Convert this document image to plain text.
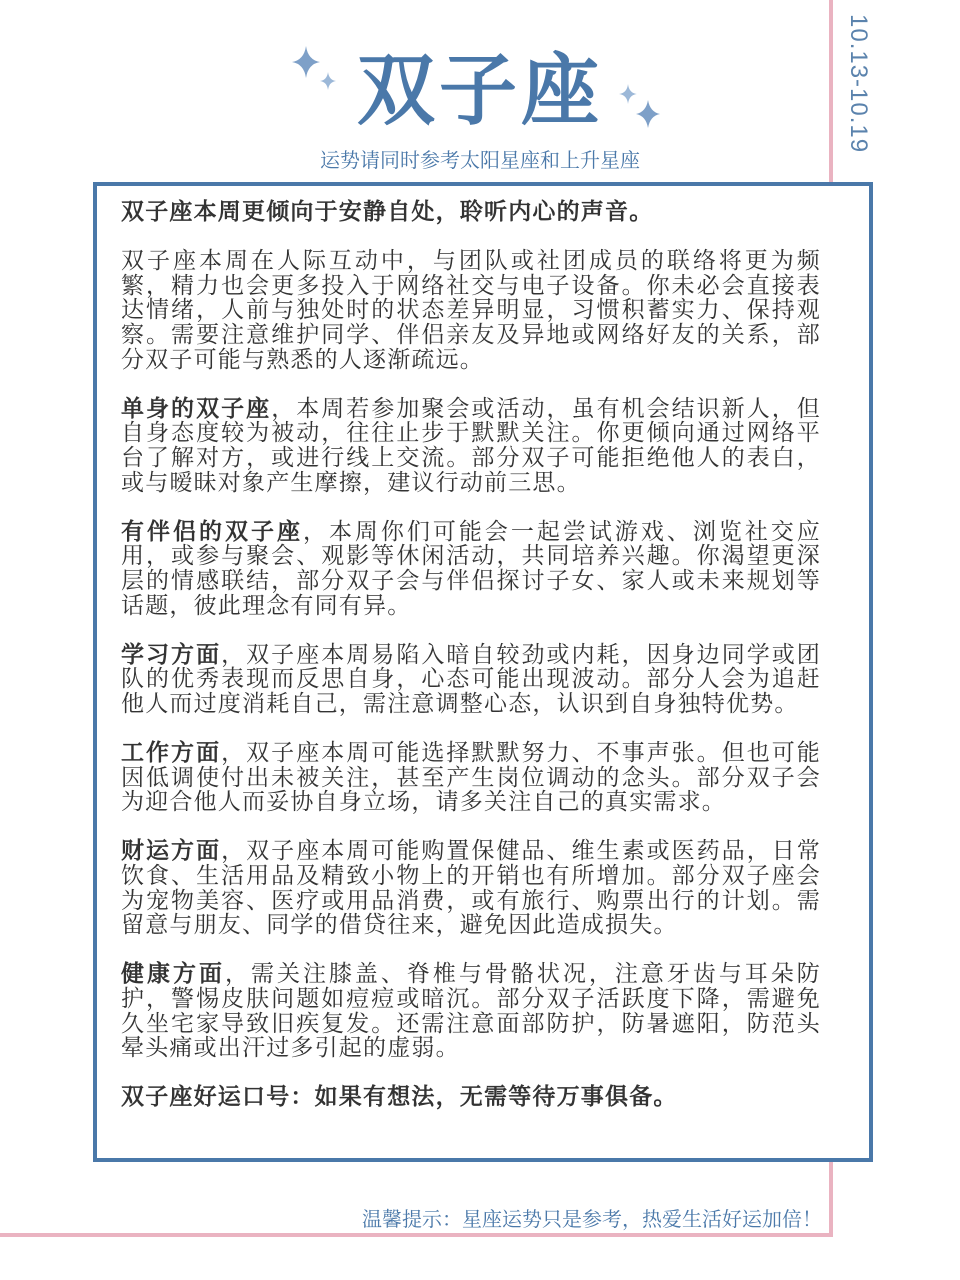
10.13-10.19
双子座
运势请同时参考太阳星座和上升星座

双子座本周更倾向于安静自处，聆听内心的声音。

双子座本周在人际互动中，与团队或社团成员的联络将更为频繁，精力也会更多投入于网络社交与电子设备。你未必会直接表达情绪，人前与独处时的状态差异明显，习惯积蓄实力、保持观察。需要注意维护同学、伴侣亲友及异地或网络好友的关系，部分双子可能与熟悉的人逐渐疏远。

单身的双子座，本周若参加聚会或活动，虽有机会结识新人，但自身态度较为被动，往往止步于默默关注。你更倾向通过网络平台了解对方，或进行线上交流。部分双子可能拒绝他人的表白，或与暧昧对象产生摩擦，建议行动前三思。

有伴侣的双子座，本周你们可能会一起尝试游戏、浏览社交应用，或参与聚会、观影等休闲活动，共同培养兴趣。你渴望更深层的情感联结，部分双子会与伴侣探讨子女、家人或未来规划等话题，彼此理念有同有异。

学习方面，双子座本周易陷入暗自较劲或内耗，因身边同学或团队的优秀表现而反思自身，心态可能出现波动。部分人会为追赶他人而过度消耗自己，需注意调整心态，认识到自身独特优势。

工作方面，双子座本周可能选择默默努力、不事声张。但也可能因低调使付出未被关注，甚至产生岗位调动的念头。部分双子会为迎合他人而妥协自身立场，请多关注自己的真实需求。

财运方面，双子座本周可能购置保健品、维生素或医药品，日常饮食、生活用品及精致小物上的开销也有所增加。部分双子座会为宠物美容、医疗或用品消费，或有旅行、购票出行的计划。需留意与朋友、同学的借贷往来，避免因此造成损失。

健康方面，需关注膝盖、脊椎与骨骼状况，注意牙齿与耳朵防护，警惕皮肤问题如痘痘或暗沉。部分双子活跃度下降，需避免久坐宅家导致旧疾复发。还需注意面部防护，防暑遮阳，防范头晕头痛或出汗过多引起的虚弱。

双子座好运口号：如果有想法，无需等待万事俱备。

温馨提示：星座运势只是参考，热爱生活好运加倍！
